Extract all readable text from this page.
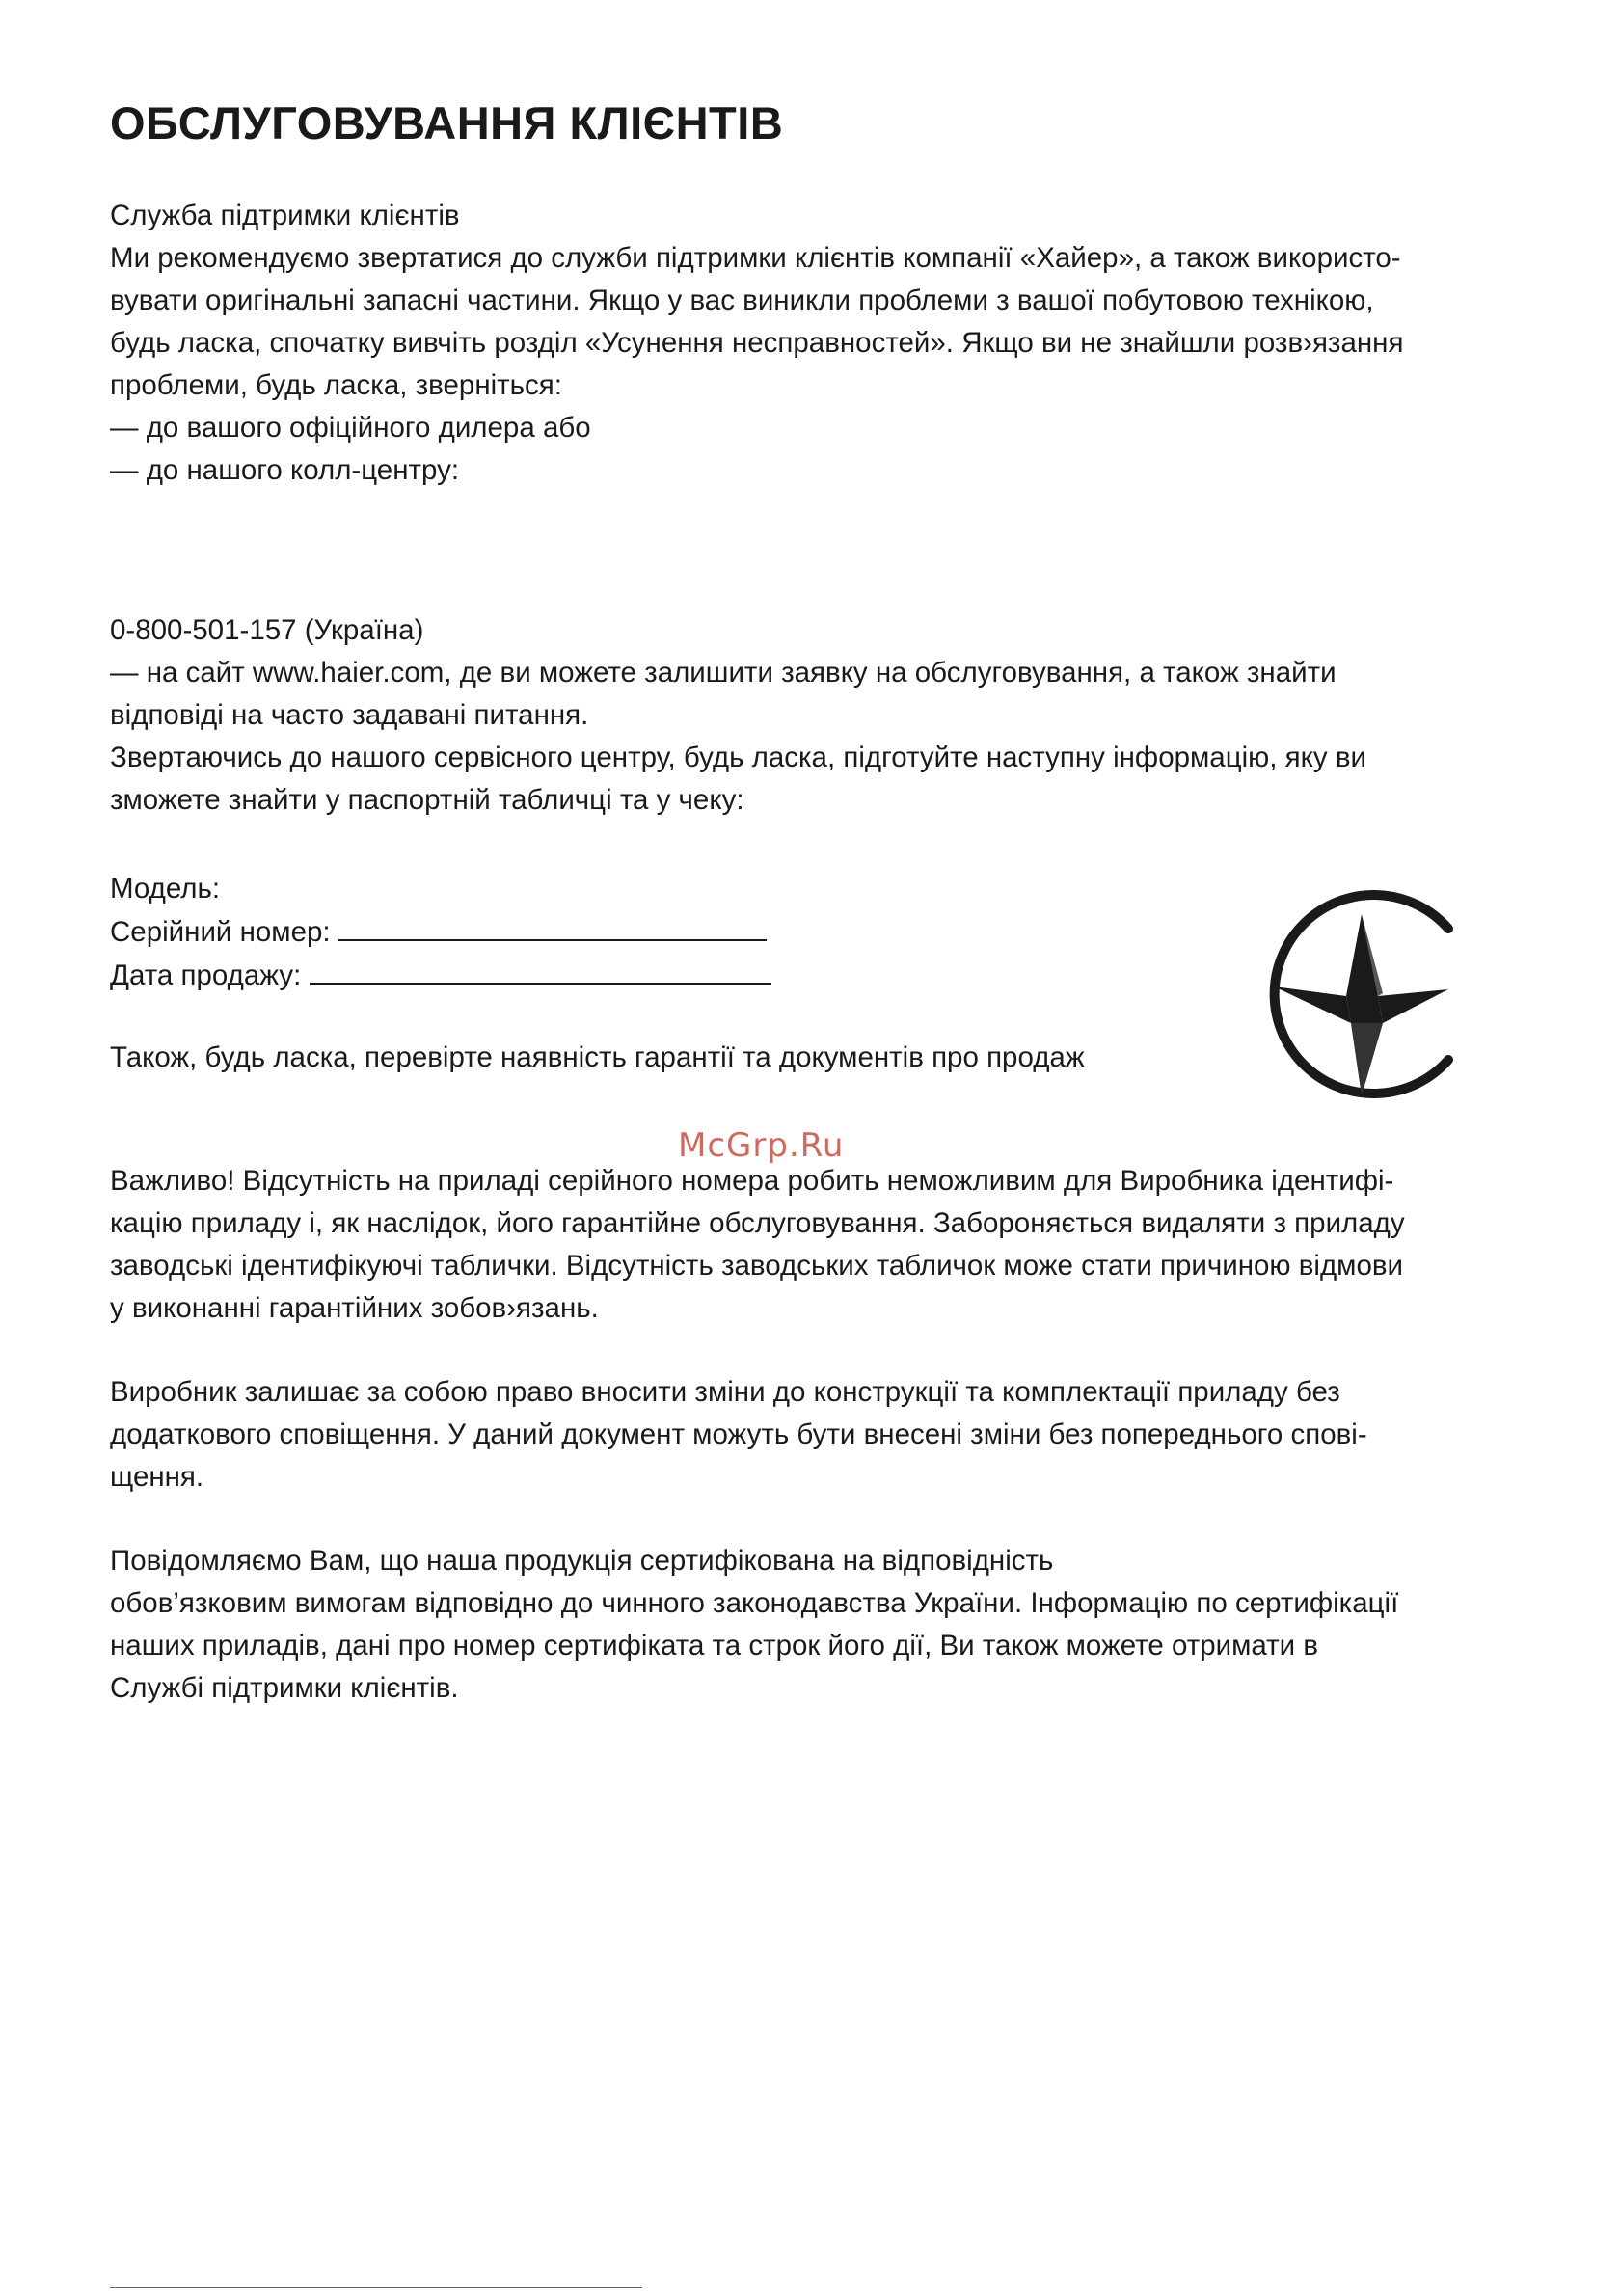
ОБСЛУГОВУВАННЯ КЛІЄНТІВ

Служба підтримки клієнтів

Ми рекомендуємо звертатися до служби підтримки клієнтів компанії «Хайер», а також використо-

вувати оригінальні запасні частини. Якщо у вас виникли проблеми з вашої побутовою технікою,

будь ласка, спочатку вивчіть розділ «Усунення несправностей». Якщо ви не знайшли розв›язання

проблеми, будь ласка, зверніться:

— до вашого офіційного дилера або

— до нашого колл-центру:

0-800-501-157 (Україна)

— на сайт www.haier.com, де ви можете залишити заявку на обслуговування, а також знайти

відповіді на часто задавані питання.

Звертаючись до нашого сервісного центру, будь ласка, підготуйте наступну інформацію, яку ви

зможете знайти у паспортній табличці та у чеку:

Модель:

Серійний номер:

Дата продажу:

Також, будь ласка, перевірте наявність гарантії та документів про продаж

McGrp.Ru

Важливо! Відсутність на приладі серійного номера робить неможливим для Виробника ідентифі-

кацію приладу і, як наслідок, його гарантійне обслуговування. Забороняється видаляти з приладу

заводські ідентифікуючі таблички. Відсутність заводських табличок може стати причиною відмови

у виконанні гарантійних зобов›язань.

Виробник залишає за собою право вносити зміни до конструкції та комплектації приладу без

додаткового сповіщення. У даний документ можуть бути внесені зміни без попереднього спові-

щення.

Повідомляємо Вам, що наша продукція сертифікована на відповідність

обов’язковим вимогам відповідно до чинного законодавства України. Інформацію по сертифікації

наших приладів, дані про номер сертифіката та строк його дії, Ви також можете отримати в

Службі підтримки клієнтів.
